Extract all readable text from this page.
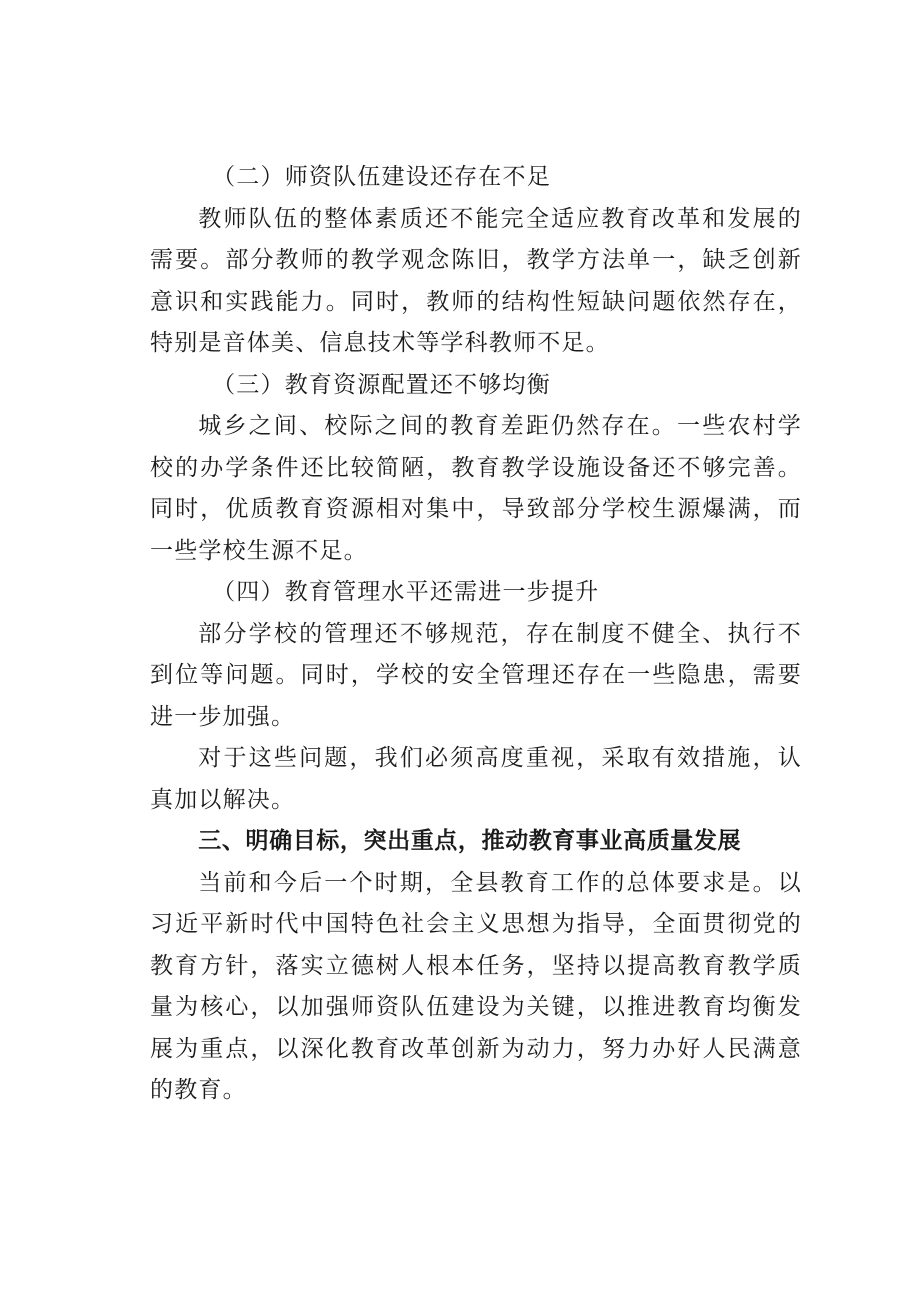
（二）师资队伍建设还存在不足

教师队伍的整体素质还不能完全适应教育改革和发展的需要。部分教师的教学观念陈旧，教学方法单一，缺乏创新意识和实践能力。同时，教师的结构性短缺问题依然存在，特别是音体美、信息技术等学科教师不足。

（三）教育资源配置还不够均衡

城乡之间、校际之间的教育差距仍然存在。一些农村学校的办学条件还比较简陋，教育教学设施设备还不够完善。同时，优质教育资源相对集中，导致部分学校生源爆满，而一些学校生源不足。

（四）教育管理水平还需进一步提升

部分学校的管理还不够规范，存在制度不健全、执行不到位等问题。同时，学校的安全管理还存在一些隐患，需要进一步加强。

对于这些问题，我们必须高度重视，采取有效措施，认真加以解决。

三、明确目标，突出重点，推动教育事业高质量发展

当前和今后一个时期，全县教育工作的总体要求是。以习近平新时代中国特色社会主义思想为指导，全面贯彻党的教育方针，落实立德树人根本任务，坚持以提高教育教学质量为核心，以加强师资队伍建设为关键，以推进教育均衡发展为重点，以深化教育改革创新为动力，努力办好人民满意的教育。
